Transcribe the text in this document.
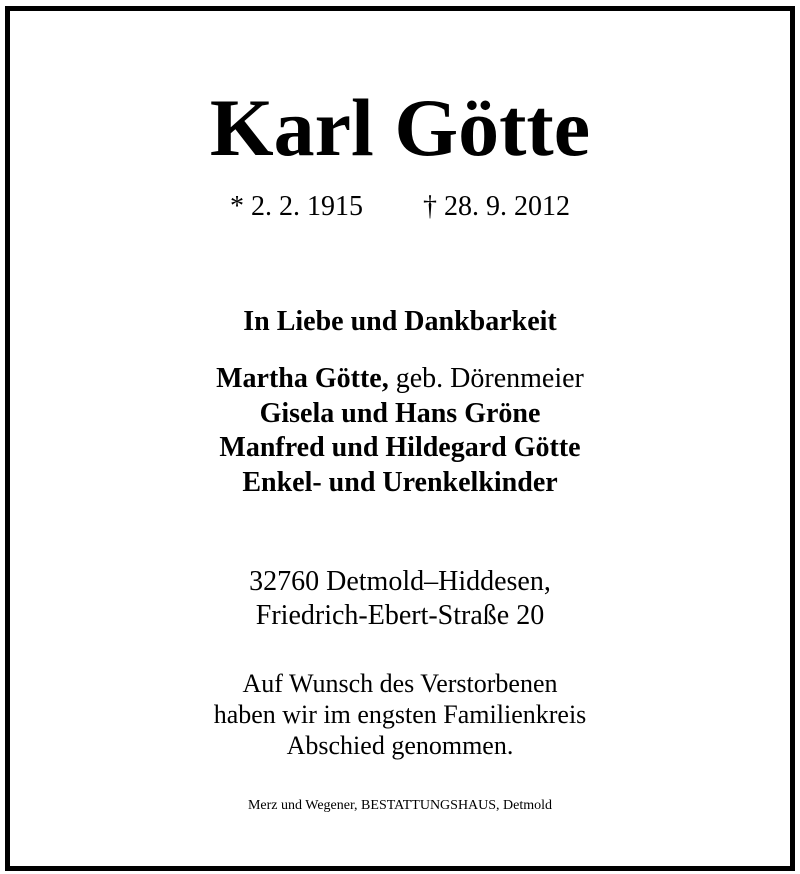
Karl Götte
* 2. 2. 1915 † 28. 9. 2012
In Liebe und Dankbarkeit
Martha Götte, geb. Dörenmeier
Gisela und Hans Gröne
Manfred und Hildegard Götte
Enkel- und Urenkelkinder
32760 Detmold–Hiddesen,
Friedrich-Ebert-Straße 20
Auf Wunsch des Verstorbenen
haben wir im engsten Familienkreis
Abschied genommen.
Merz und Wegener, BESTATTUNGSHAUS, Detmold
